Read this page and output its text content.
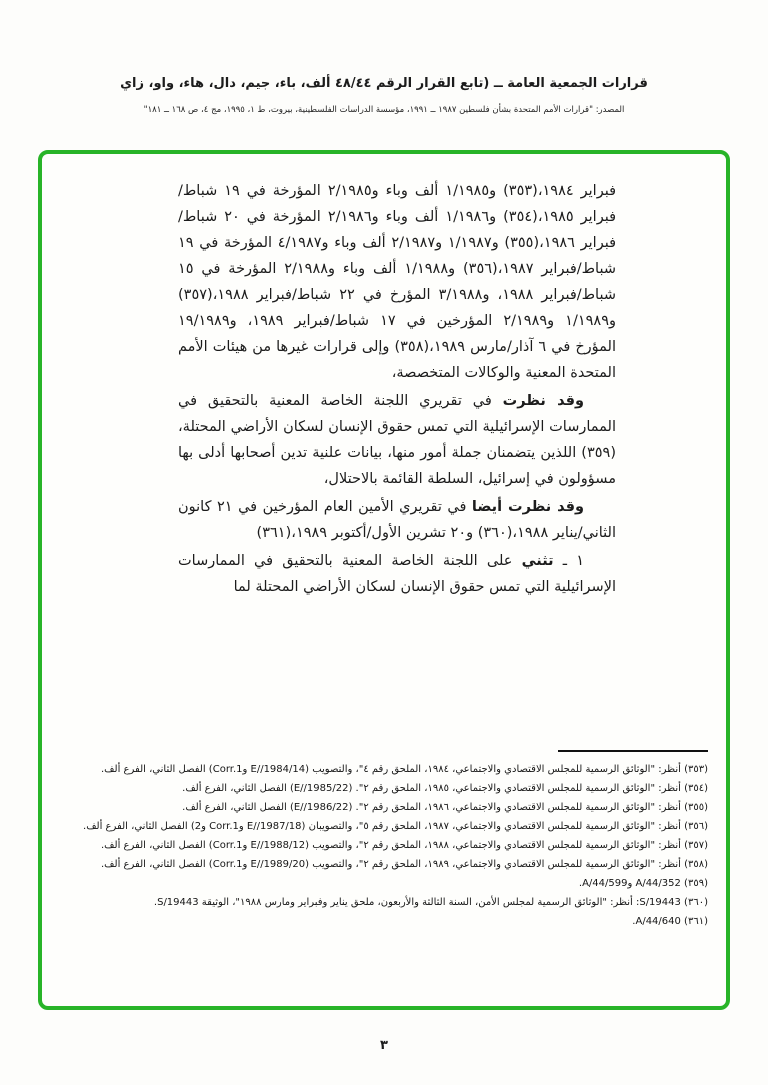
قرارات الجمعية العامة ــ (تابع القرار الرقم ٤٨/٤٤ ألف، باء، جيم، دال، هاء، واو، زاي
المصدر: "قرارات الأمم المتحدة بشأن فلسطين ١٩٨٧ ــ ١٩٩١، مؤسسة الدراسات الفلسطينية، بيروت، ط ١، ١٩٩٥، مج ٤، ص ١٦٨ ــ ١٨١"

فبراير ١٩٨٤،(٣٥٣) و١/١٩٨٥ ألف وباء و٢/١٩٨٥ المؤرخة في ١٩ شباط/فبراير ١٩٨٥،(٣٥٤) و١/١٩٨٦ ألف وباء و٢/١٩٨٦ المؤرخة في ٢٠ شباط/فبراير ١٩٨٦،(٣٥٥) و١/١٩٨٧ و٢/١٩٨٧ ألف وباء و٤/١٩٨٧ المؤرخة في ١٩ شباط/فبراير ١٩٨٧،(٣٥٦) و١/١٩٨٨ ألف وباء و٢/١٩٨٨ المؤرخة في ١٥ شباط/فبراير ١٩٨٨، و٣/١٩٨٨ المؤرخ في ٢٢ شباط/فبراير ١٩٨٨،(٣٥٧) و١/١٩٨٩ و٢/١٩٨٩ المؤرخين في ١٧ شباط/فبراير ١٩٨٩، و١٩/١٩٨٩ المؤرخ في ٦ آذار/مارس ١٩٨٩،(٣٥٨) وإلى قرارات غيرها من هيئات الأمم المتحدة المعنية والوكالات المتخصصة،

وقد نظرت في تقريري اللجنة الخاصة المعنية بالتحقيق في الممارسات الإسرائيلية التي تمس حقوق الإنسان لسكان الأراضي المحتلة،(٣٥٩) اللذين يتضمنان جملة أمور منها، بيانات علنية تدين أصحابها أدلى بها مسؤولون في إسرائيل، السلطة القائمة بالاحتلال،

وقد نظرت أيضا في تقريري الأمين العام المؤرخين في ٢١ كانون الثاني/يناير ١٩٨٨،(٣٦٠) و٢٠ تشرين الأول/أكتوبر ١٩٨٩،(٣٦١)

١ ـ تثني على اللجنة الخاصة المعنية بالتحقيق في الممارسات الإسرائيلية التي تمس حقوق الإنسان لسكان الأراضي المحتلة لما

(٣٥٣) أنظر: "الوثائق الرسمية للمجلس الاقتصادي والاجتماعي، ١٩٨٤، الملحق رقم ٤"، والتصويب (E//1984/14 وCorr.1) الفصل الثاني، الفرع ألف.

(٣٥٤) أنظر: "الوثائق الرسمية للمجلس الاقتصادي والاجتماعي، ١٩٨٥، الملحق رقم ٢". (E//1985/22) الفصل الثاني، الفرع ألف.

(٣٥٥) أنظر: "الوثائق الرسمية للمجلس الاقتصادي والاجتماعي، ١٩٨٦، الملحق رقم ٢". (E//1986/22) الفصل الثاني، الفرع ألف.

(٣٥٦) أنظر: "الوثائق الرسمية للمجلس الاقتصادي والاجتماعي، ١٩٨٧، الملحق رقم ٥"، والتصويبان (E//1987/18 وCorr.1 و2) الفصل الثاني، الفرع ألف.

(٣٥٧) أنظر: "الوثائق الرسمية للمجلس الاقتصادي والاجتماعي، ١٩٨٨، الملحق رقم ٢"، والتصويب (E//1988/12 وCorr.1) الفصل الثاني، الفرع ألف.

(٣٥٨) أنظر: "الوثائق الرسمية للمجلس الاقتصادي والاجتماعي، ١٩٨٩، الملحق رقم ٢"، والتصويب (E//1989/20 وCorr.1) الفصل الثاني، الفرع ألف.

(٣٥٩) A/44/352 وA/44/599.

(٣٦٠) S/19443: أنظر: "الوثائق الرسمية لمجلس الأمن، السنة الثالثة والأربعون، ملحق يناير وفبراير ومارس ١٩٨٨"، الوثيقة S/19443.

(٣٦١) A/44/640.

٣
